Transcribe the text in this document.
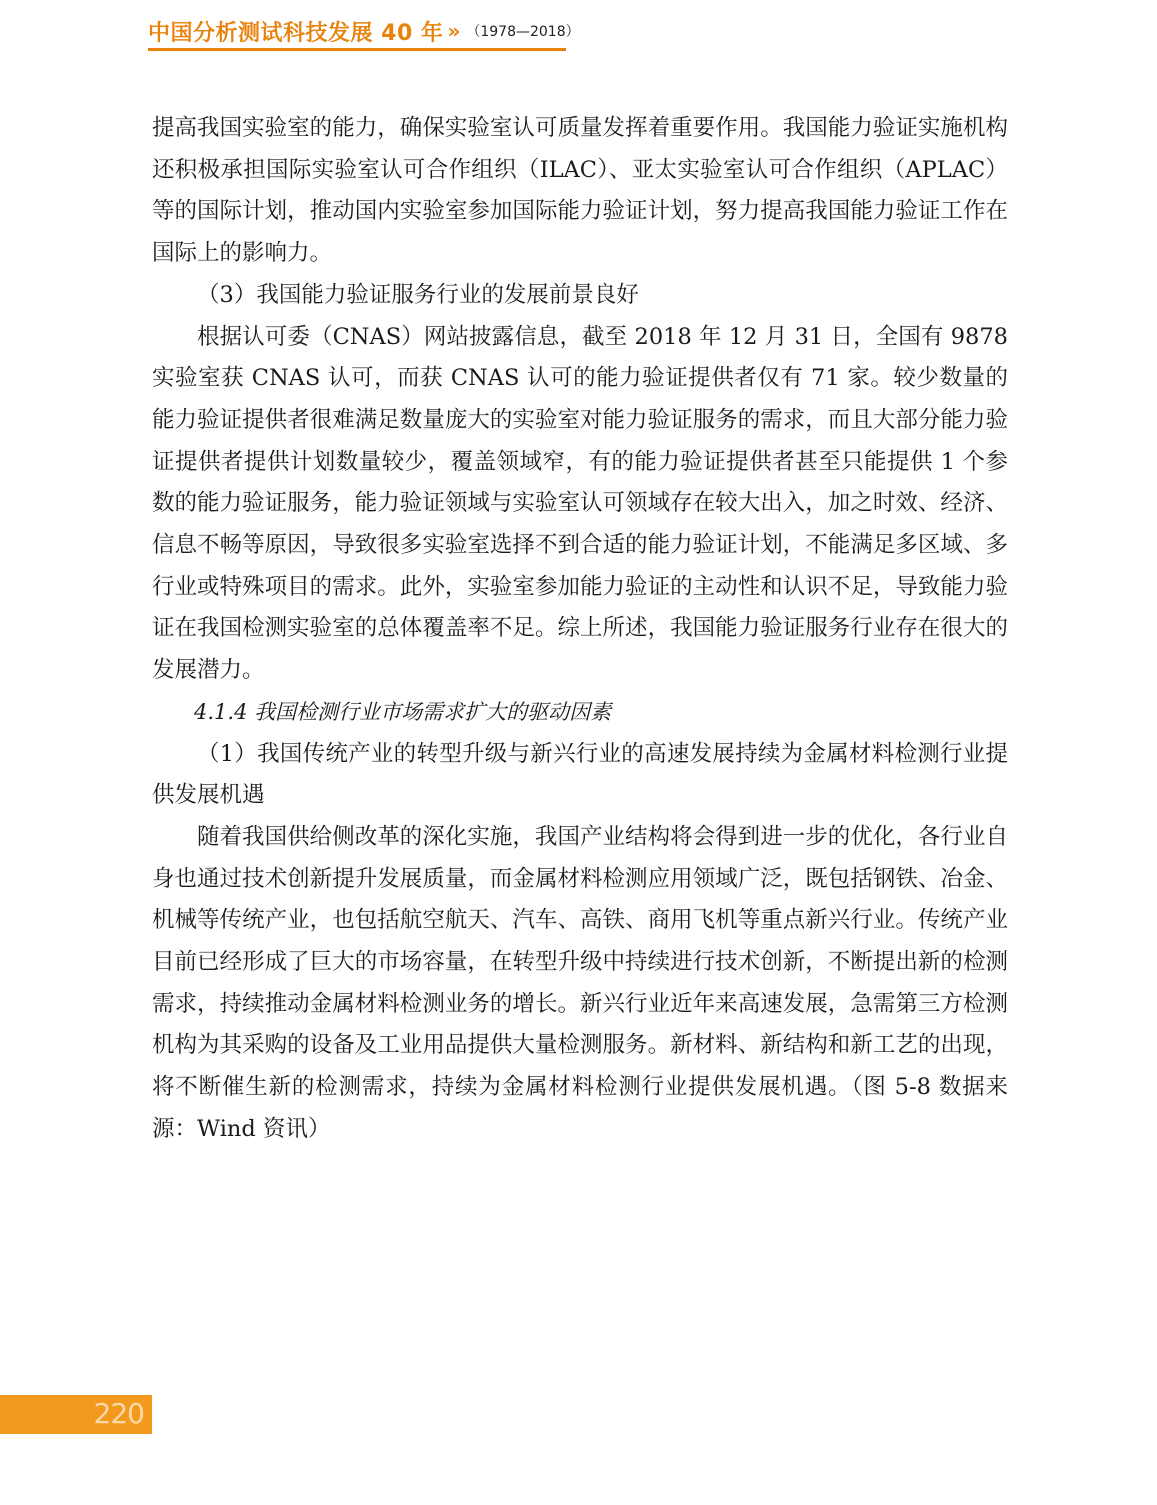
中国分析测试科技发展 40 年 » （1978—2018）

提高我国实验室的能力，确保实验室认可质量发挥着重要作用。我国能力验证实施机构还积极承担国际实验室认可合作组织（ILAC）、亚太实验室认可合作组织（APLAC）等的国际计划，推动国内实验室参加国际能力验证计划，努力提高我国能力验证工作在国际上的影响力。

（3）我国能力验证服务行业的发展前景良好

根据认可委（CNAS）网站披露信息，截至 2018 年 12 月 31 日，全国有 9878 实验室获 CNAS 认可，而获 CNAS 认可的能力验证提供者仅有 71 家。较少数量的能力验证提供者很难满足数量庞大的实验室对能力验证服务的需求，而且大部分能力验证提供者提供计划数量较少，覆盖领域窄，有的能力验证提供者甚至只能提供 1 个参数的能力验证服务，能力验证领域与实验室认可领域存在较大出入，加之时效、经济、信息不畅等原因，导致很多实验室选择不到合适的能力验证计划，不能满足多区域、多行业或特殊项目的需求。此外，实验室参加能力验证的主动性和认识不足，导致能力验证在我国检测实验室的总体覆盖率不足。综上所述，我国能力验证服务行业存在很大的发展潜力。

4.1.4 我国检测行业市场需求扩大的驱动因素

（1）我国传统产业的转型升级与新兴行业的高速发展持续为金属材料检测行业提供发展机遇

随着我国供给侧改革的深化实施，我国产业结构将会得到进一步的优化，各行业自身也通过技术创新提升发展质量，而金属材料检测应用领域广泛，既包括钢铁、冶金、机械等传统产业，也包括航空航天、汽车、高铁、商用飞机等重点新兴行业。传统产业目前已经形成了巨大的市场容量，在转型升级中持续进行技术创新，不断提出新的检测需求，持续推动金属材料检测业务的增长。新兴行业近年来高速发展，急需第三方检测机构为其采购的设备及工业用品提供大量检测服务。新材料、新结构和新工艺的出现，将不断催生新的检测需求，持续为金属材料检测行业提供发展机遇。（图 5-8 数据来源：Wind 资讯）

220
